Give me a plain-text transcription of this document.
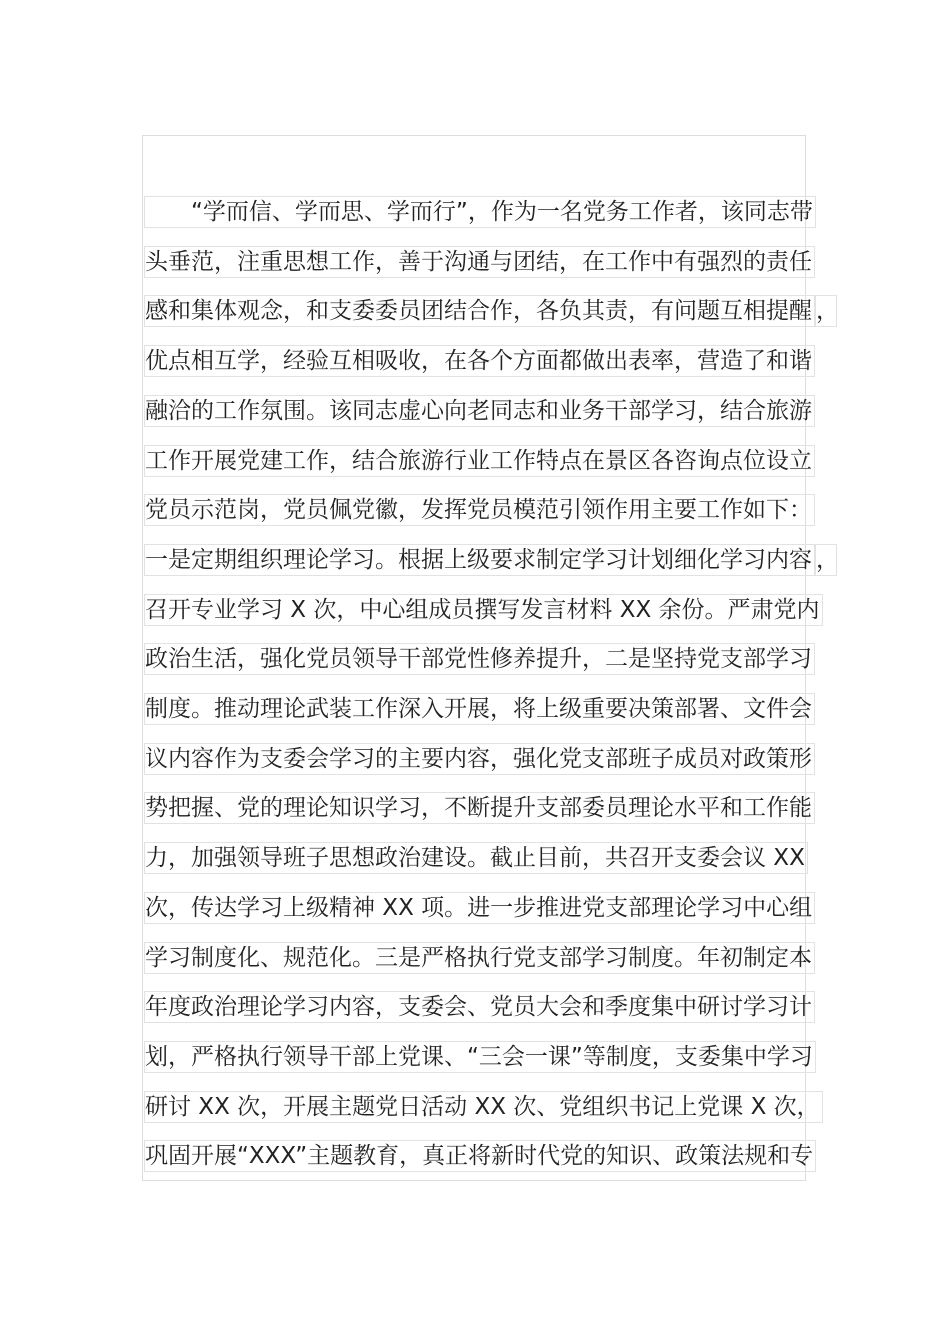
　　“学而信、学而思、学而行”，作为一名党务工作者，该同志带
头垂范，注重思想工作，善于沟通与团结，在工作中有强烈的责任
感和集体观念，和支委委员团结合作，各负其责，有问题互相提醒 ，
优点相互学，经验互相吸收，在各个方面都做出表率，营造了和谐
融洽的工作氛围。该同志虚心向老同志和业务干部学习，结合旅游
工作开展党建工作，结合旅游行业工作特点在景区各咨询点位设立
党员示范岗，党员佩党徽，发挥党员模范引领作用主要工作如下：
一是定期组织理论学习。根据上级要求制定学习计划细化学习内容 ，
召开专业学习 X 次，中心组成员撰写发言材料 XX 余份。严肃党内
政治生活，强化党员领导干部党性修养提升，二是坚持党支部学习
制度。推动理论武装工作深入开展，将上级重要决策部署、文件会
议内容作为支委会学习的主要内容，强化党支部班子成员对政策形
势把握、党的理论知识学习，不断提升支部委员理论水平和工作能
力，加强领导班子思想政治建设。截止目前，共召开支委会议 XX
次，传达学习上级精神 XX 项。进一步推进党支部理论学习中心组
学习制度化、规范化。三是严格执行党支部学习制度。年初制定本
年度政治理论学习内容，支委会、党员大会和季度集中研讨学习计
划，严格执行领导干部上党课、“三会一课”等制度，支委集中学习
研讨 XX 次，开展主题党日活动 XX 次、党组织书记上党课 X 次，
巩固开展“XXX”主题教育，真正将新时代党的知识、政策法规和专
